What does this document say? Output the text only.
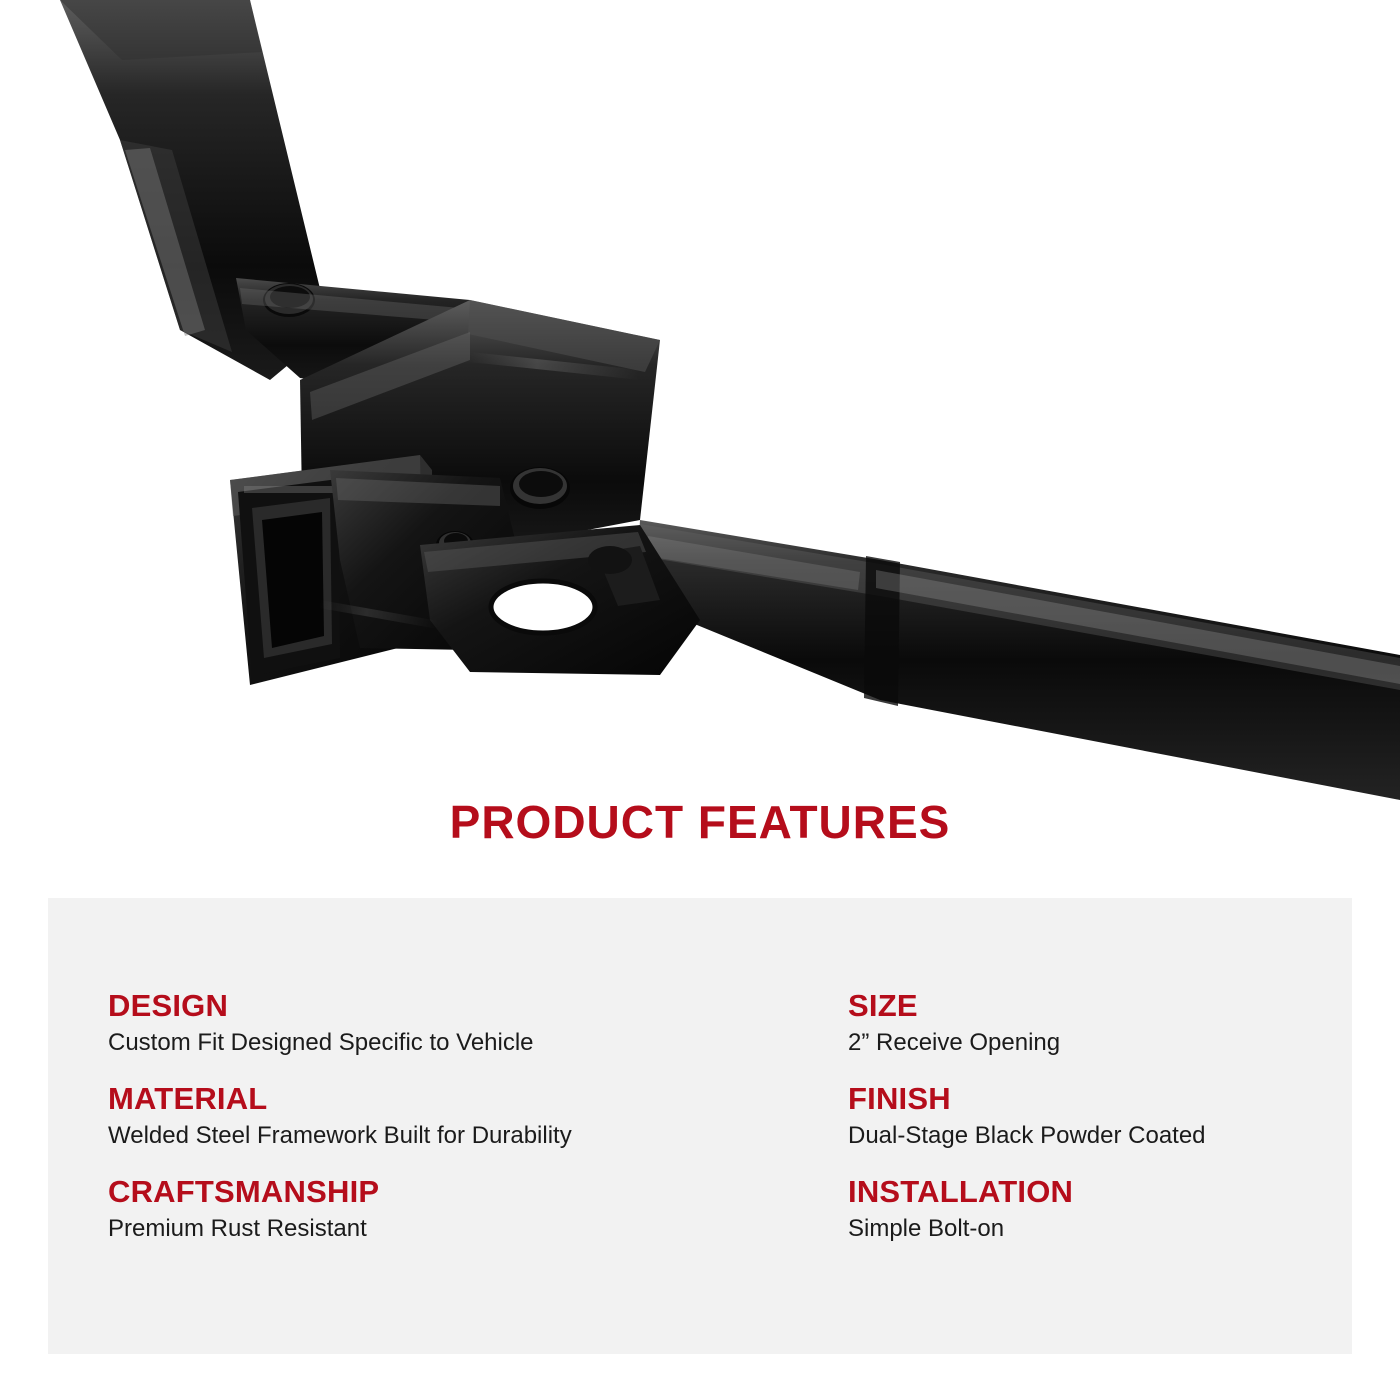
PRODUCT FEATURES
DESIGN
Custom Fit Designed Specific to Vehicle
SIZE
2” Receive Opening
MATERIAL
Welded Steel Framework Built for Durability
FINISH
Dual-Stage Black Powder Coated
CRAFTSMANSHIP
Premium Rust Resistant
INSTALLATION
Simple Bolt-on
